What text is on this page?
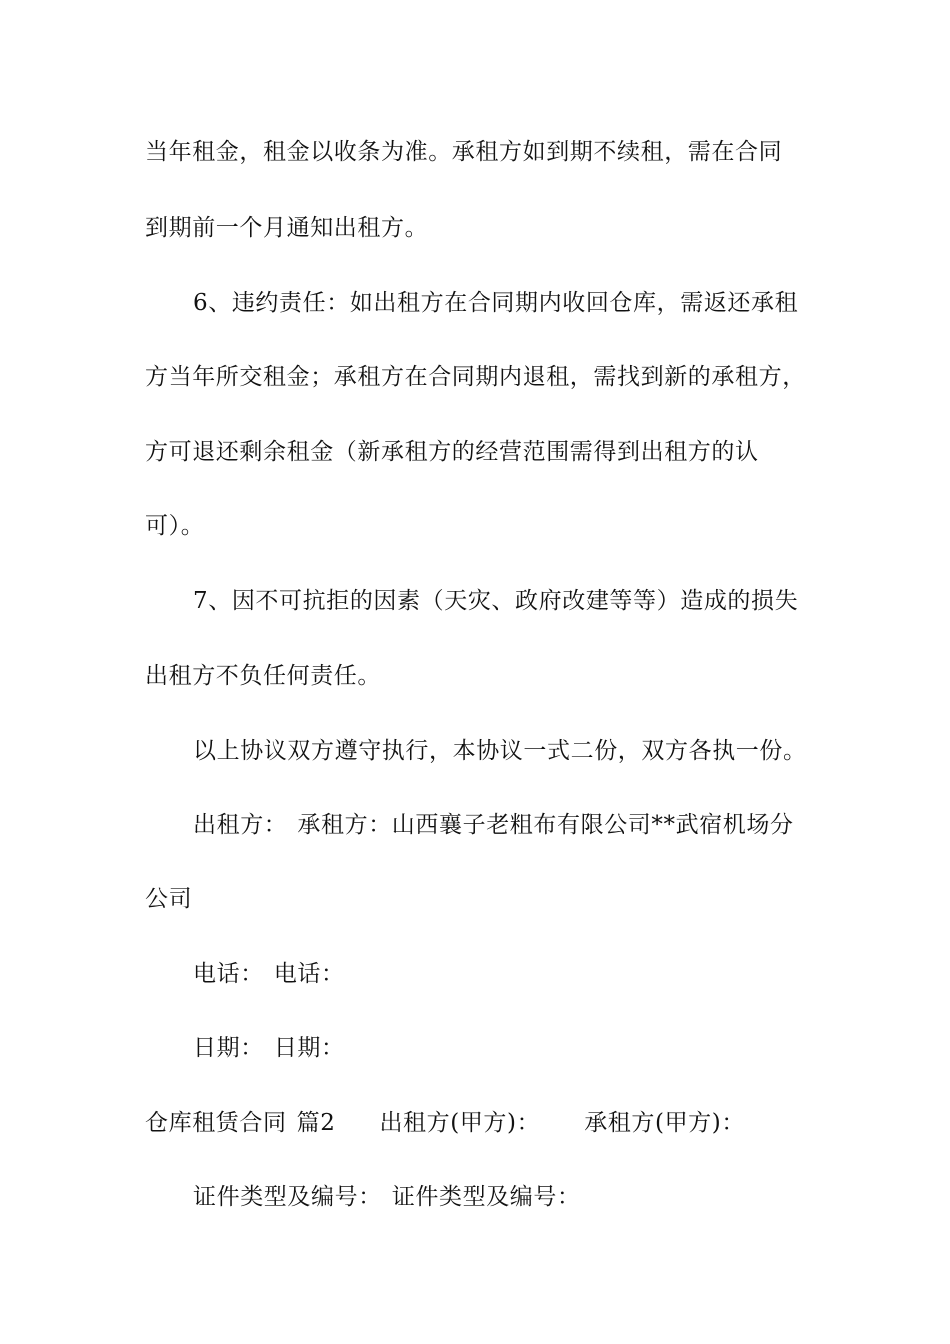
当年租金，租金以收条为准。承租方如到期不续租，需在合同
到期前一个月通知出租方。
6、违约责任：如出租方在合同期内收回仓库，需返还承租
方当年所交租金；承租方在合同期内退租，需找到新的承租方，
方可退还剩余租金（新承租方的经营范围需得到出租方的认
可）。
7、因不可抗拒的因素（天灾、政府改建等等）造成的损失
出租方不负任何责任。
以上协议双方遵守执行，本协议一式二份，双方各执一份。
出租方： 承租方：山西襄子老粗布有限公司**武宿机场分
公司
电话： 电话：
日期： 日期：
仓库租赁合同 篇2 出租方(甲方)： 承租方(甲方)：
证件类型及编号： 证件类型及编号：
